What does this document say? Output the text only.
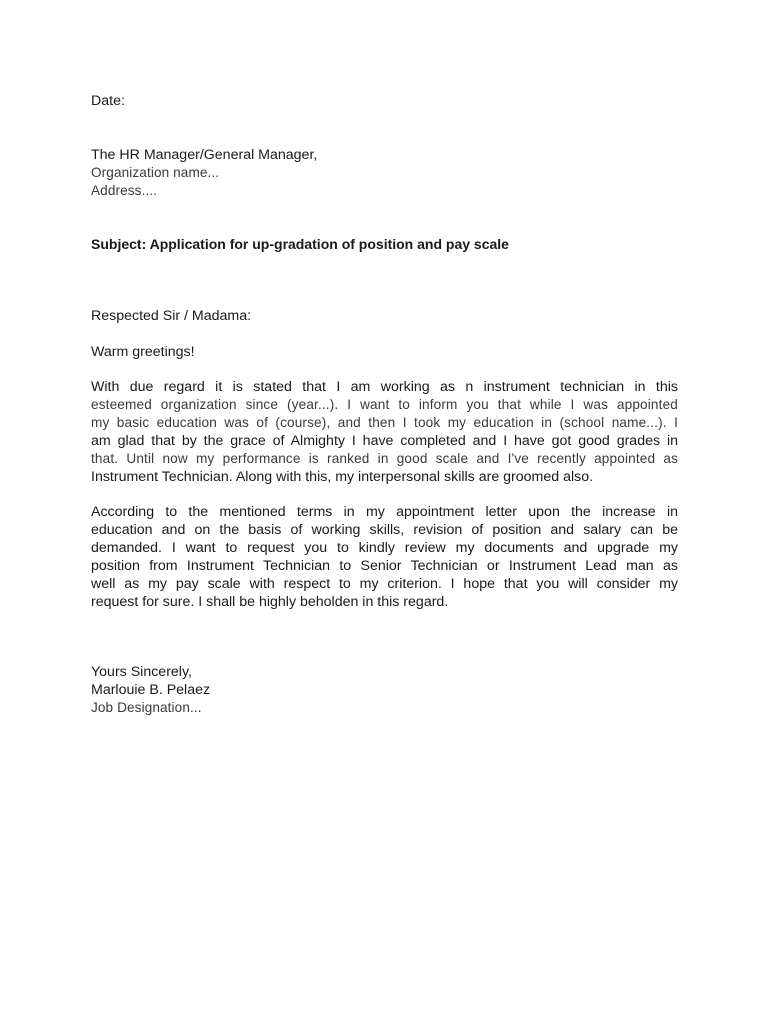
Date:
The HR Manager/General Manager,
Organization name...
Address....
Subject: Application for up-gradation of position and pay scale
Respected Sir / Madama:
Warm greetings!
With due regard it is stated that I am working as n instrument technician in this
esteemed organization since (year...). I want to inform you that while I was appointed
my basic education was of (course), and then I took my education in (school name...). I
am glad that by the grace of Almighty I have completed and I have got good grades in
that. Until now my performance is ranked in good scale and I've recently appointed as
Instrument Technician. Along with this, my interpersonal skills are groomed also.
According to the mentioned terms in my appointment letter upon the increase in
education and on the basis of working skills, revision of position and salary can be
demanded. I want to request you to kindly review my documents and upgrade my
position from Instrument Technician to Senior Technician or Instrument Lead man as
well as my pay scale with respect to my criterion. I hope that you will consider my
request for sure. I shall be highly beholden in this regard.
Yours Sincerely,
Marlouie B. Pelaez
Job Designation...
